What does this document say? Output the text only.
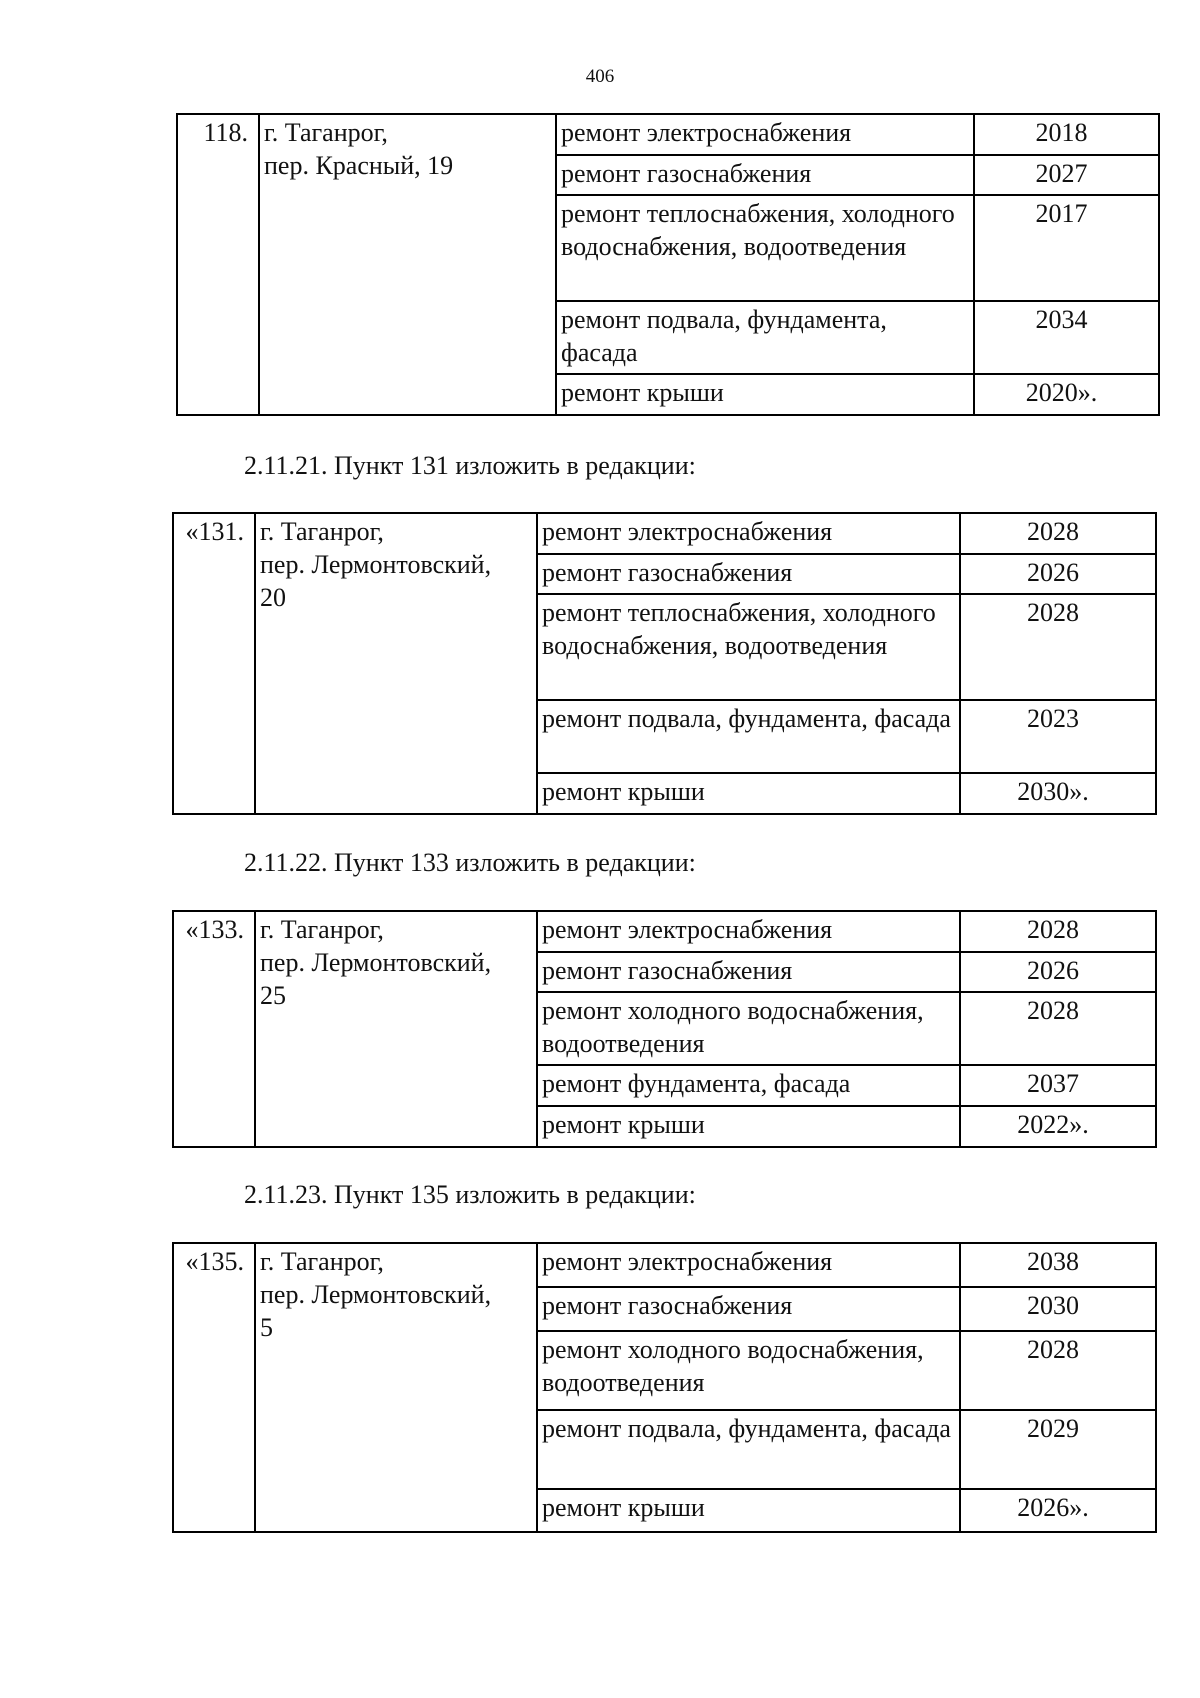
406
118.	г. Таганрог,
пер. Красный, 19	ремонт электроснабжения	2018
		ремонт газоснабжения	2027
		ремонт теплоснабжения, холодного водоснабжения, водоотведения	2017
		ремонт подвала, фундамента, фасада	2034
		ремонт крыши	2020».
2.11.21. Пункт 131 изложить в редакции:
«131.	г. Таганрог,
пер. Лермонтовский,
20	ремонт электроснабжения	2028
		ремонт газоснабжения	2026
		ремонт теплоснабжения, холодного водоснабжения, водоотведения	2028
		ремонт подвала, фундамента, фасада	2023
		ремонт крыши	2030».
2.11.22. Пункт 133 изложить в редакции:
«133.	г. Таганрог,
пер. Лермонтовский,
25	ремонт электроснабжения	2028
		ремонт газоснабжения	2026
		ремонт холодного водоснабжения, водоотведения	2028
		ремонт фундамента, фасада	2037
		ремонт крыши	2022».
2.11.23. Пункт 135 изложить в редакции:
«135.	г. Таганрог,
пер. Лермонтовский,
5	ремонт электроснабжения	2038
		ремонт газоснабжения	2030
		ремонт холодного водоснабжения, водоотведения	2028
		ремонт подвала, фундамента, фасада	2029
		ремонт крыши	2026».
